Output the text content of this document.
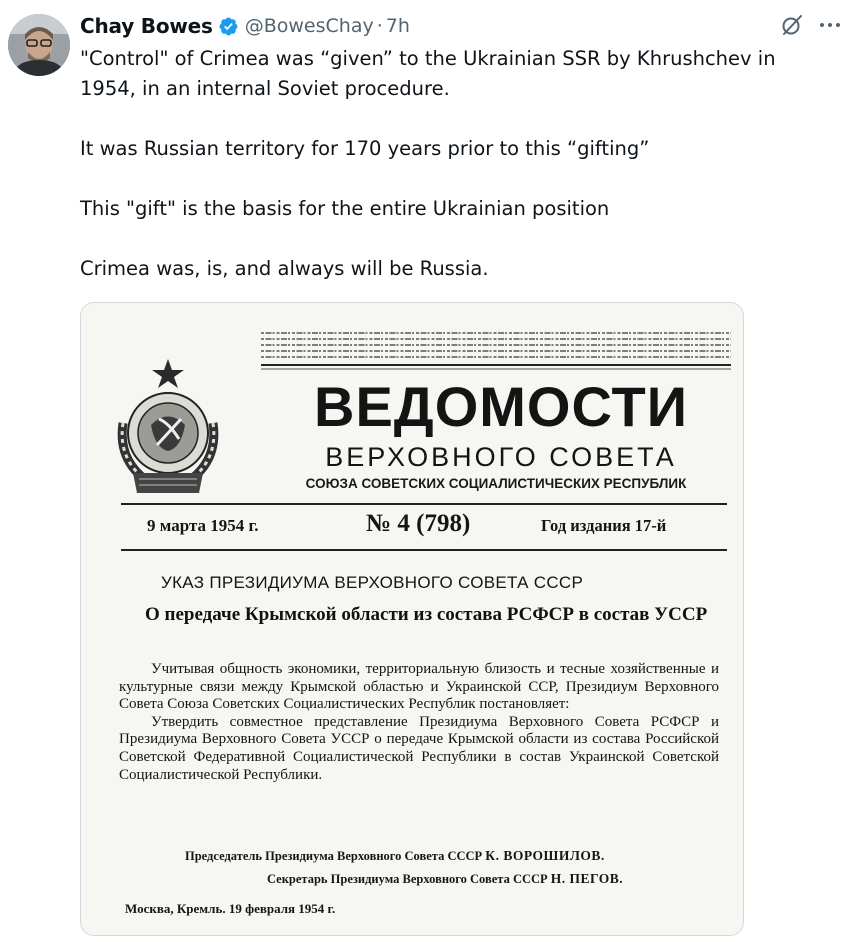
Chay Bowes @BowesChay · 7h

"Control" of Crimea was “given” to the Ukrainian SSR by Khrushchev in 1954, in an internal Soviet procedure.

It was Russian territory for 170 years prior to this “gifting”

This "gift" is the basis for the entire Ukrainian position

Crimea was, is, and always will be Russia.

ВЕДОМОСТИ
ВЕРХОВНОГО СОВЕТА
СОЮЗА СОВЕТСКИХ СОЦИАЛИСТИЧЕСКИХ РЕСПУБЛИК
9 марта 1954 г.	№ 4 (798)	Год издания 17-й
УКАЗ ПРЕЗИДИУМА ВЕРХОВНОГО СОВЕТА СССР
О передаче Крымской области из состава РСФСР в состав УССР

Учитывая общность экономики, территориальную близость и тесные хозяйственные и культурные связи между Крымской областью и Украинской ССР, Президиум Верховного Совета Союза Советских Социалистических Республик постановляет:

Утвердить совместное представление Президиума Верховного Совета РСФСР и Президиума Верховного Совета УССР о передаче Крымской области из состава Российской Советской Федеративной Социалистической Республики в состав Украинской Советской Социалистической Республики.

Председатель Президиума Верховного Совета СССР К. ВОРОШИЛОВ.
Секретарь Президиума Верховного Совета СССР Н. ПЕГОВ.
Москва, Кремль. 19 февраля 1954 г.
